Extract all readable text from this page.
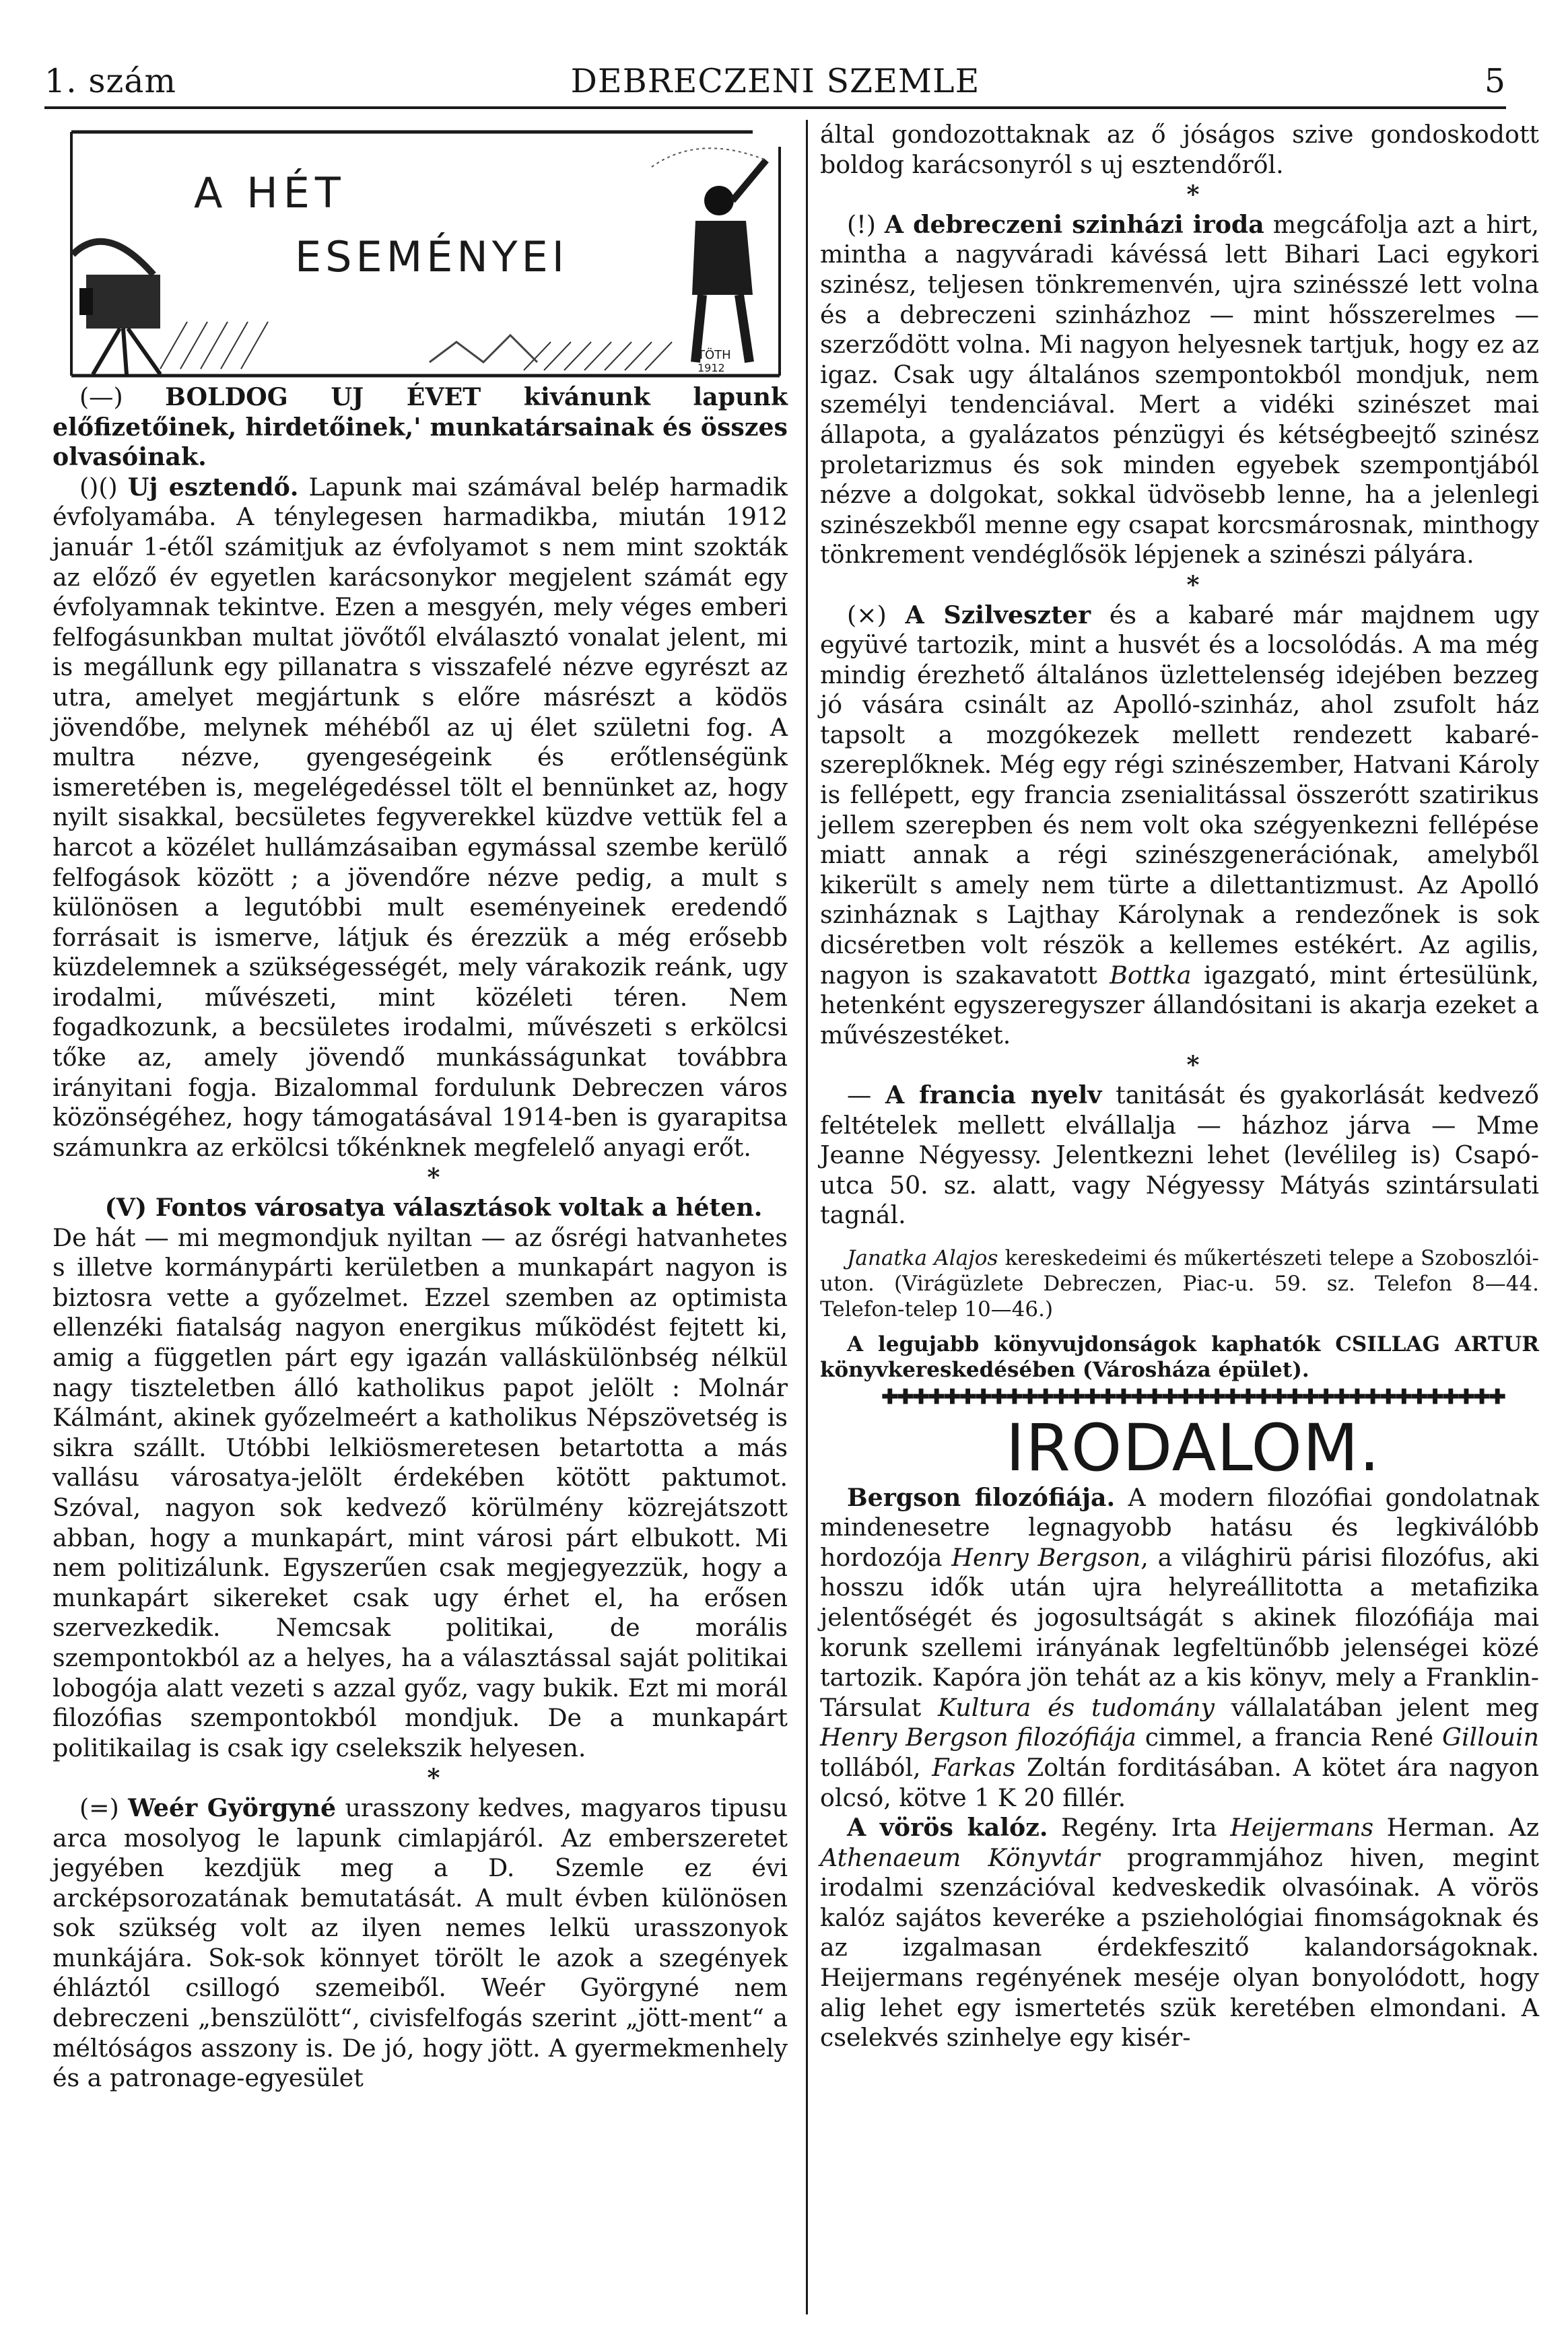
1. szám	DEBRECZENI SZEMLE	5
A HÉT
ESEMÉNYEI
TÖTH
1912

(—) BOLDOG UJ ÉVET kivánunk lapunk előfizetőinek, hirdetőinek,' munkatársainak és összes olvasóinak.

()() Uj esztendő. Lapunk mai számával belép harmadik évfolyamába. A ténylegesen harmadikba, miután 1912 január 1-étől számitjuk az évfolyamot s nem mint szokták az előző év egyetlen karácsonykor megjelent számát egy évfolyamnak tekintve. Ezen a mesgyén, mely véges emberi felfogásunkban multat jövőtől elválasztó vonalat jelent, mi is megállunk egy pillanatra s visszafelé nézve egyrészt az utra, amelyet megjártunk s előre másrészt a ködös jövendőbe, melynek méhéből az uj élet születni fog. A multra nézve, gyengeségeink és erőtlenségünk ismeretében is, megelégedéssel tölt el bennünket az, hogy nyilt sisakkal, becsületes fegyverekkel küzdve vettük fel a harcot a közélet hullámzásaiban egymással szembe kerülő felfogások között ; a jövendőre nézve pedig, a mult s különösen a legutóbbi mult eseményeinek eredendő forrásait is ismerve, látjuk és érezzük a még erősebb küzdelemnek a szükségességét, mely várakozik reánk, ugy irodalmi, művészeti, mint közéleti téren. Nem fogadkozunk, a becsületes irodalmi, művészeti s erkölcsi tőke az, amely jövendő munkásságunkat továbbra irányitani fogja. Bizalommal fordulunk Debreczen város közönségéhez, hogy támogatásával 1914-ben is gyarapitsa számunkra az erkölcsi tőkénknek megfelelő anyagi erőt.

*

(V) Fontos városatya választások voltak a héten.

De hát — mi megmondjuk nyiltan — az ősrégi hatvanhetes s illetve kormánypárti kerületben a munkapárt nagyon is biztosra vette a győzelmet. Ezzel szemben az optimista ellenzéki fiatalság nagyon energikus működést fejtett ki, amig a független párt egy igazán valláskülönbség nélkül nagy tiszteletben álló katholikus papot jelölt : Molnár Kálmánt, akinek győzelmeért a katholikus Népszövetség is sikra szállt. Utóbbi lelkiösmeretesen betartotta a más vallásu városatya-jelölt érdekében kötött paktumot. Szóval, nagyon sok kedvező körülmény közrejátszott abban, hogy a munkapárt, mint városi párt elbukott. Mi nem politizálunk. Egyszerűen csak megjegyezzük, hogy a munkapárt sikereket csak ugy érhet el, ha erősen szervezkedik. Nemcsak politikai, de morális szempontokból az a helyes, ha a választással saját politikai lobogója alatt vezeti s azzal győz, vagy bukik. Ezt mi morál filozófias szempontokból mondjuk. De a munkapárt politikailag is csak igy cselekszik helyesen.

*

(=) Weér Györgyné urasszony kedves, magyaros tipusu arca mosolyog le lapunk cimlapjáról. Az emberszeretet jegyében kezdjük meg a D. Szemle ez évi arcképsorozatának bemutatását. A mult évben különösen sok szükség volt az ilyen nemes lelkü urasszonyok munkájára. Sok-sok könnyet törölt le azok a szegények éhláztól csillogó szemeiből. Weér Györgyné nem debreczeni „benszülött“, civisfelfogás szerint „jött-ment“ a méltóságos asszony is. De jó, hogy jött. A gyermekmenhely és a patronage-egyesület

által gondozottaknak az ő jóságos szive gondoskodott boldog karácsonyról s uj esztendőről.

*

(!) A debreczeni szinházi iroda megcáfolja azt a hirt, mintha a nagyváradi kávéssá lett Bihari Laci egykori szinész, teljesen tönkremenvén, ujra szinésszé lett volna és a debreczeni szinházhoz — mint hősszerelmes — szerződött volna. Mi nagyon helyesnek tartjuk, hogy ez az igaz. Csak ugy általános szempontokból mondjuk, nem személyi tendenciával. Mert a vidéki szinészet mai állapota, a gyalázatos pénzügyi és kétségbeejtő szinész proletarizmus és sok minden egyebek szempontjából nézve a dolgokat, sokkal üdvösebb lenne, ha a jelenlegi szinészekből menne egy csapat korcsmárosnak, minthogy tönkrement vendéglősök lépjenek a szinészi pályára.

*

(×) A Szilveszter és a kabaré már majdnem ugy együvé tartozik, mint a husvét és a locsolódás. A ma még mindig érezhető általános üzlettelenség idejében bezzeg jó vására csinált az Apolló-szinház, ahol zsufolt ház tapsolt a mozgókezek mellett rendezett kabaré-szereplőknek. Még egy régi szinészember, Hatvani Károly is fellépett, egy francia zsenialitással összerótt szatirikus jellem szerepben és nem volt oka szégyenkezni fellépése miatt annak a régi szinészgenerációnak, amelyből kikerült s amely nem türte a dilettantizmust. Az Apolló szinháznak s Lajthay Károlynak a rendezőnek is sok dicséretben volt részök a kellemes estékért. Az agilis, nagyon is szakavatott Bottka igazgató, mint értesülünk, hetenként egyszeregyszer állandósitani is akarja ezeket a művészestéket.

*

— A francia nyelv tanitását és gyakorlását kedvező feltételek mellett elvállalja — házhoz járva — Mme Jeanne Négyessy. Jelentkezni lehet (levélileg is) Csapó-utca 50. sz. alatt, vagy Négyessy Mátyás szintársulati tagnál.

Janatka Alajos kereskedeimi és műkertészeti telepe a Szoboszlói-uton. (Virágüzlete Debreczen, Piac-u. 59. sz. Telefon 8—44. Telefon-telep 10—46.)

A legujabb könyvujdonságok kaphatók CSILLAG ARTUR könyvkereskedésében (Városháza épület).

✚✚✚✚✚✚✚✚✚✚✚✚✚✚✚✚✚✚✚✚✚✚✚✚✚✚✚✚✚✚✚✚✚✚✚✚✚✚✚✚

IRODALOM.

Bergson filozófiája. A modern filozófiai gondolatnak mindenesetre legnagyobb hatásu és legkiválóbb hordozója Henry Bergson, a világhirü párisi filozófus, aki hosszu idők után ujra helyreállitotta a metafizika jelentőségét és jogosultságát s akinek filozófiája mai korunk szellemi irányának legfeltünőbb jelenségei közé tartozik. Kapóra jön tehát az a kis könyv, mely a Franklin-Társulat Kultura és tudomány vállalatában jelent meg Henry Bergson filozófiája cimmel, a francia René Gillouin tollából, Farkas Zoltán forditásában. A kötet ára nagyon olcsó, kötve 1 K 20 fillér.

A vörös kalóz. Regény. Irta Heijermans Herman. Az Athenaeum Könyvtár programmjához hiven, megint irodalmi szenzációval kedveskedik olvasóinak. A vörös kalóz sajátos keveréke a psziehológiai finomságoknak és az izgalmasan érdekfeszitő kalandorságoknak. Heijermans regényének meséje olyan bonyolódott, hogy alig lehet egy ismertetés szük keretében elmondani. A cselekvés szinhelye egy kisér-
